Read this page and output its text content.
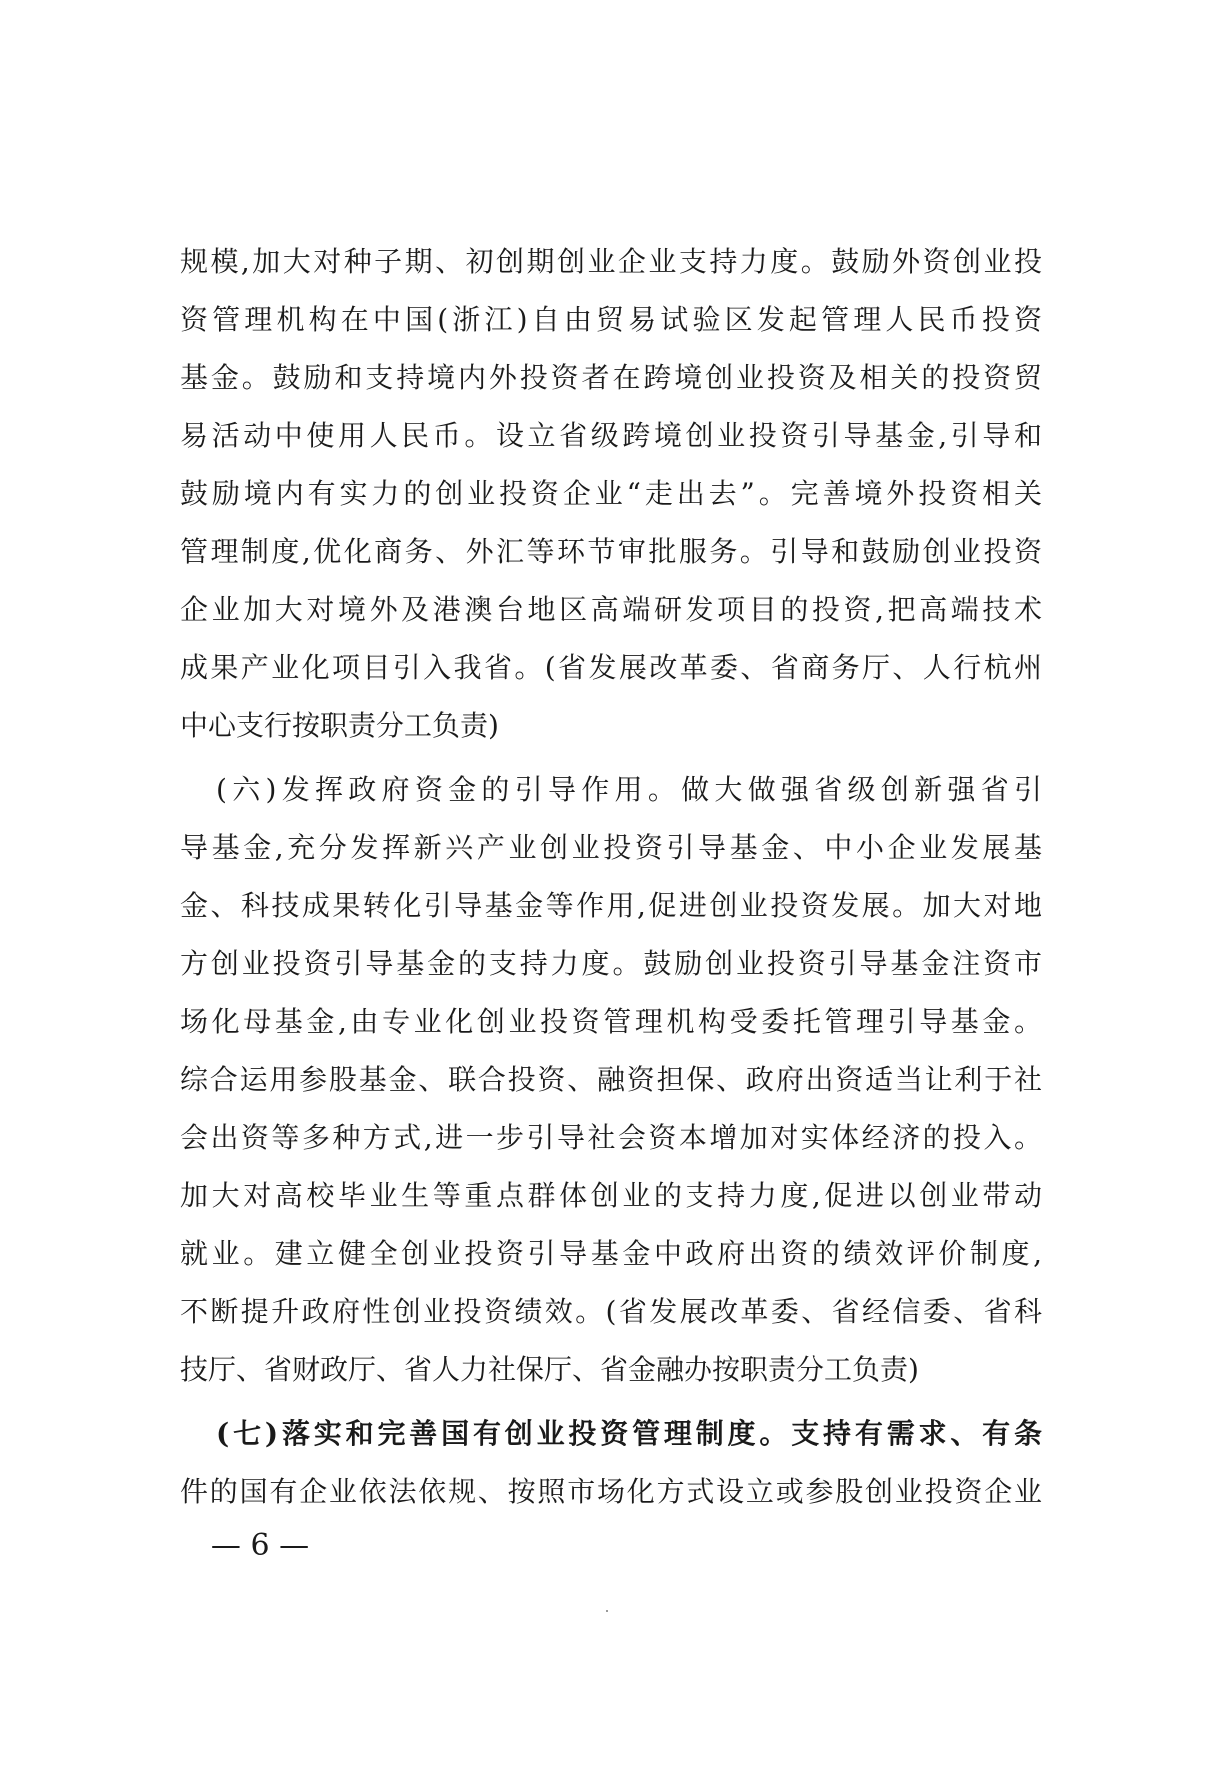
规模,加大对种子期、初创期创业企业支持力度。鼓励外资创业投
资管理机构在中国(浙江)自由贸易试验区发起管理人民币投资
基金。鼓励和支持境内外投资者在跨境创业投资及相关的投资贸
易活动中使用人民币。设立省级跨境创业投资引导基金,引导和
鼓励境内有实力的创业投资企业“走出去”。完善境外投资相关
管理制度,优化商务、外汇等环节审批服务。引导和鼓励创业投资
企业加大对境外及港澳台地区高端研发项目的投资,把高端技术
成果产业化项目引入我省。(省发展改革委、省商务厅、人行杭州
中心支行按职责分工负责)
(六)发挥政府资金的引导作用。做大做强省级创新强省引
导基金,充分发挥新兴产业创业投资引导基金、中小企业发展基
金、科技成果转化引导基金等作用,促进创业投资发展。加大对地
方创业投资引导基金的支持力度。鼓励创业投资引导基金注资市
场化母基金,由专业化创业投资管理机构受委托管理引导基金。
综合运用参股基金、联合投资、融资担保、政府出资适当让利于社
会出资等多种方式,进一步引导社会资本增加对实体经济的投入。
加大对高校毕业生等重点群体创业的支持力度,促进以创业带动
就业。建立健全创业投资引导基金中政府出资的绩效评价制度,
不断提升政府性创业投资绩效。(省发展改革委、省经信委、省科
技厅、省财政厅、省人力社保厅、省金融办按职责分工负责)
(七)落实和完善国有创业投资管理制度。支持有需求、有条
件的国有企业依法依规、按照市场化方式设立或参股创业投资企业
— 6 —
